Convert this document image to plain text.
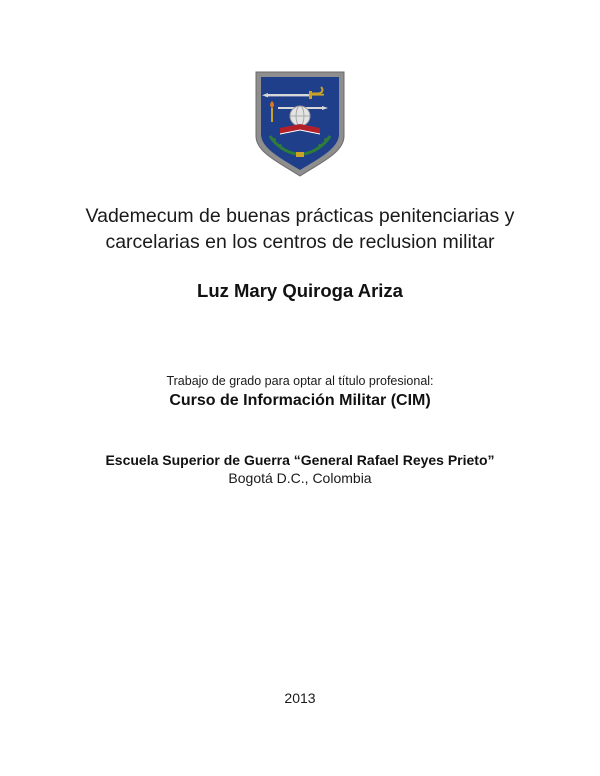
Vademecum de buenas prácticas penitenciarias y
carcelarias en los centros de reclusion militar
Luz Mary Quiroga Ariza
Trabajo de grado para optar al título profesional:
Curso de Información Militar (CIM)
Escuela Superior de Guerra “General Rafael Reyes Prieto”
Bogotá D.C., Colombia
2013
